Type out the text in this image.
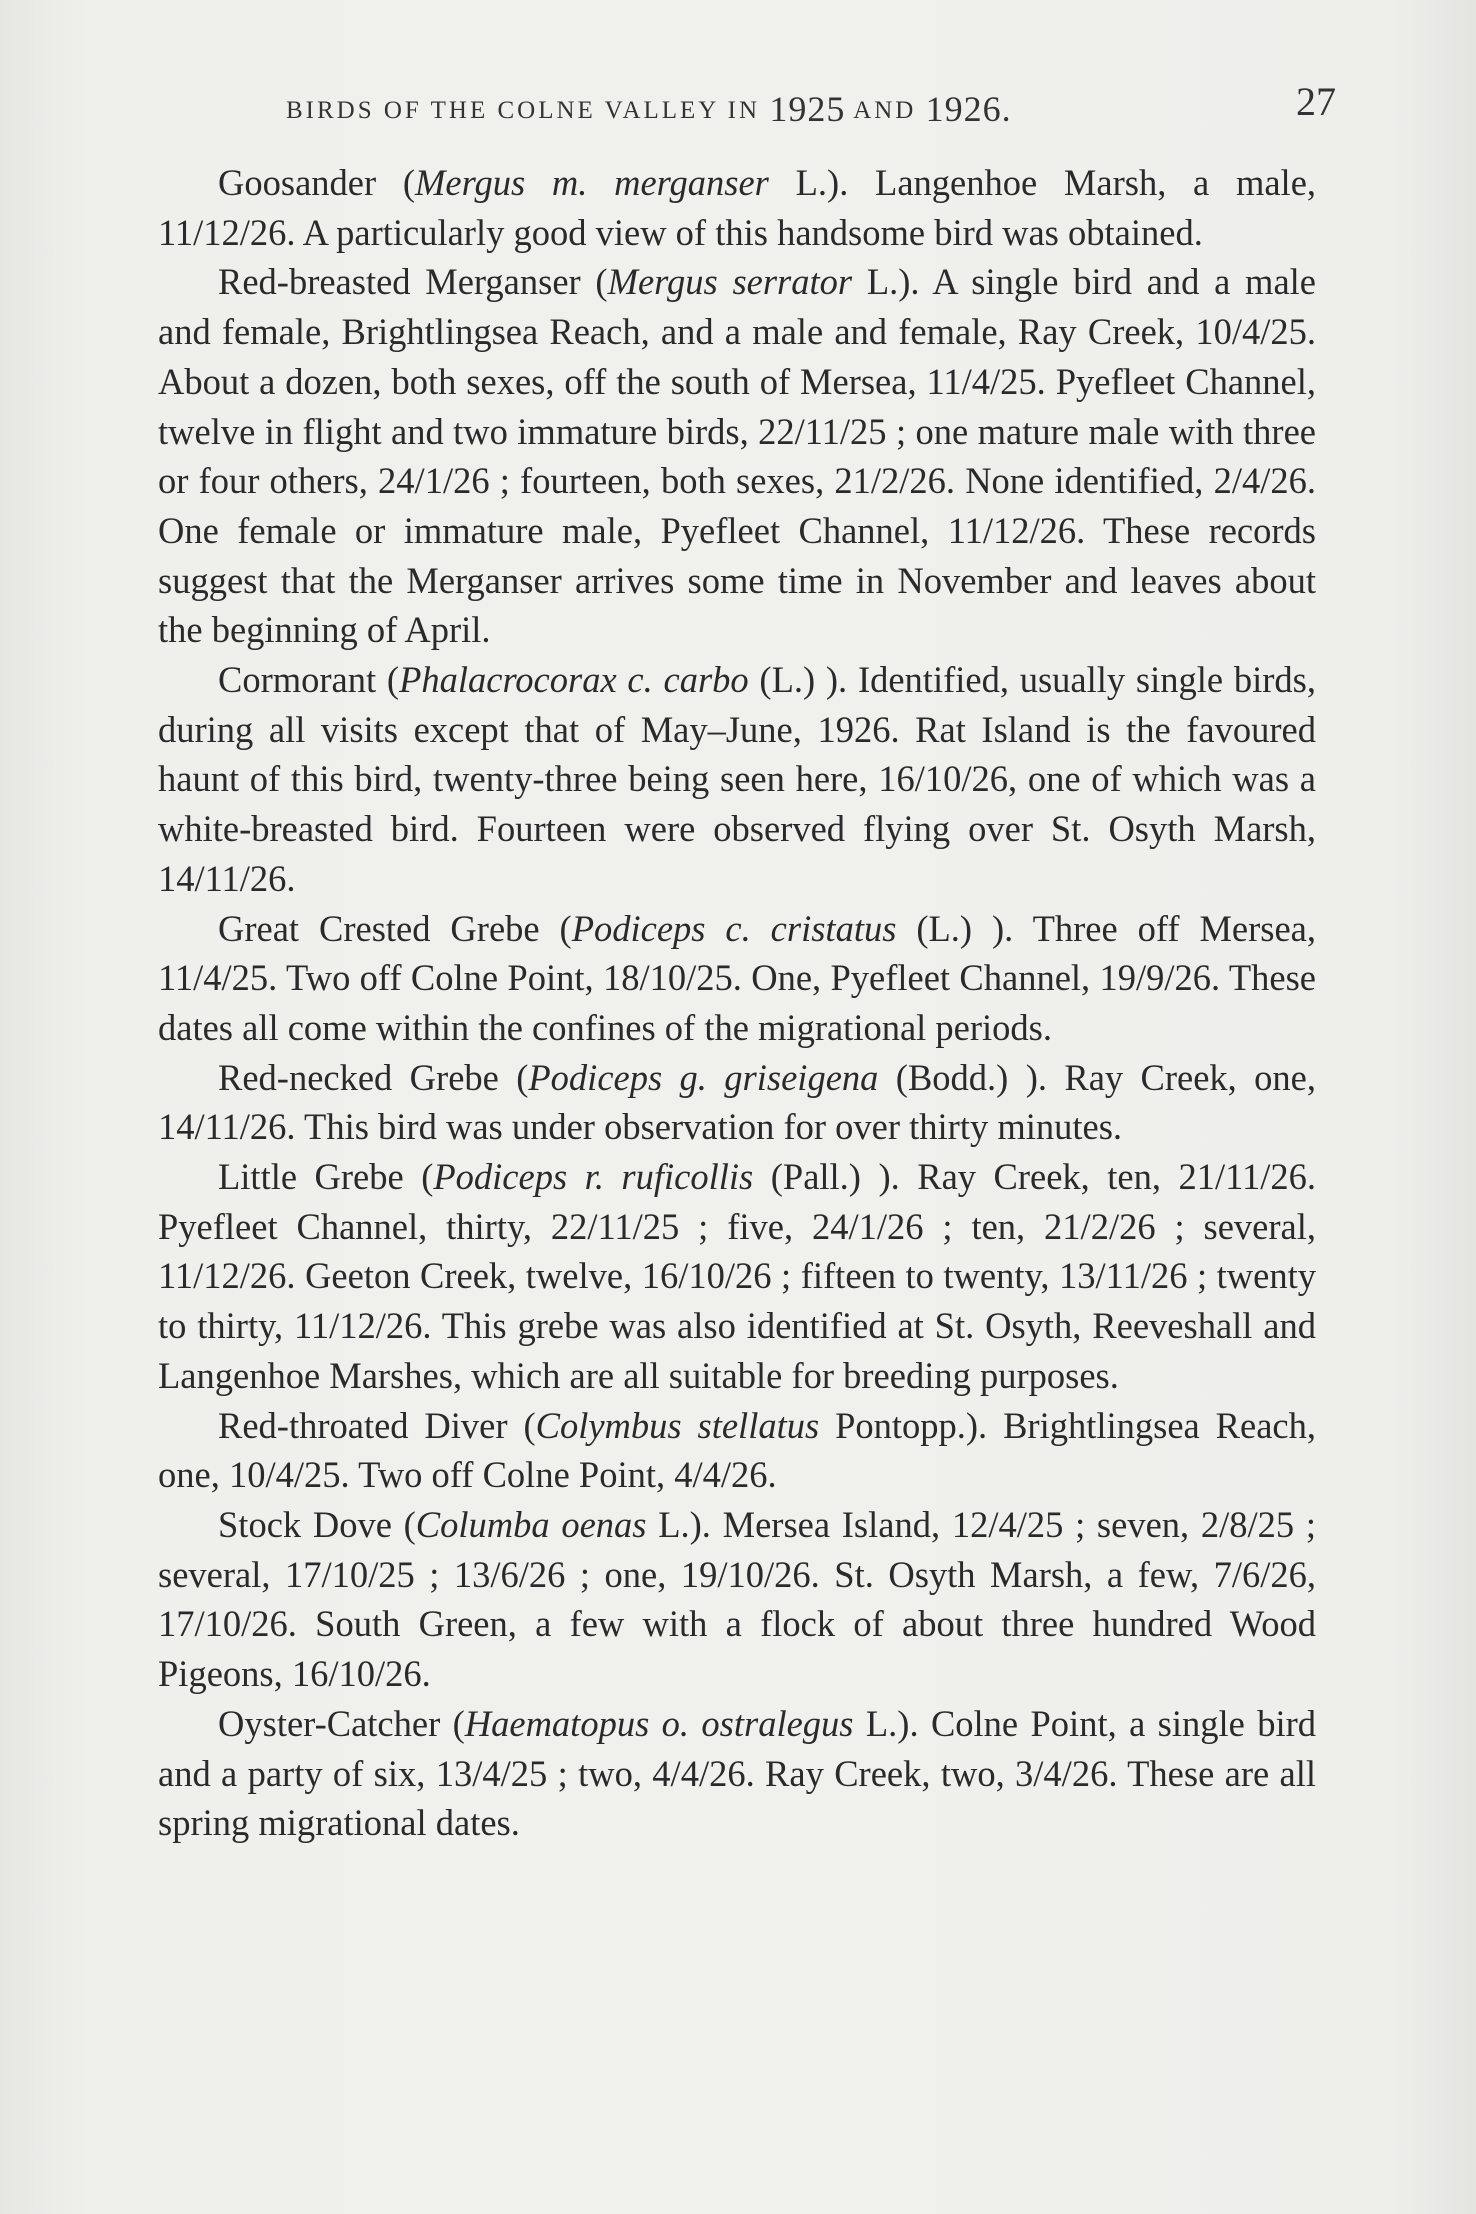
BIRDS OF THE COLNE VALLEY IN 1925 AND 1926.	27

Goosander (Mergus m. merganser L.). Langenhoe Marsh, a male, 11/12/26. A particularly good view of this handsome bird was obtained.

Red-breasted Merganser (Mergus serrator L.). A single bird and a male and female, Brightlingsea Reach, and a male and female, Ray Creek, 10/4/25. About a dozen, both sexes, off the south of Mersea, 11/4/25. Pyefleet Channel, twelve in flight and two immature birds, 22/11/25 ; one mature male with three or four others, 24/1/26 ; fourteen, both sexes, 21/2/26. None identified, 2/4/26. One female or immature male, Pyefleet Channel, 11/12/26. These records suggest that the Merganser arrives some time in November and leaves about the beginning of April.

Cormorant (Phalacrocorax c. carbo (L.) ). Identified, usually single birds, during all visits except that of May–June, 1926. Rat Island is the favoured haunt of this bird, twenty-three being seen here, 16/10/26, one of which was a white-breasted bird. Fourteen were observed flying over St. Osyth Marsh, 14/11/26.

Great Crested Grebe (Podiceps c. cristatus (L.) ). Three off Mersea, 11/4/25. Two off Colne Point, 18/10/25. One, Pyefleet Channel, 19/9/26. These dates all come within the confines of the migrational periods.

Red-necked Grebe (Podiceps g. griseigena (Bodd.) ). Ray Creek, one, 14/11/26. This bird was under observation for over thirty minutes.

Little Grebe (Podiceps r. ruficollis (Pall.) ). Ray Creek, ten, 21/11/26. Pyefleet Channel, thirty, 22/11/25 ; five, 24/1/26 ; ten, 21/2/26 ; several, 11/12/26. Geeton Creek, twelve, 16/10/26 ; fifteen to twenty, 13/11/26 ; twenty to thirty, 11/12/26. This grebe was also identified at St. Osyth, Reeveshall and Langenhoe Marshes, which are all suitable for breeding purposes.

Red-throated Diver (Colymbus stellatus Pontopp.). Brightlingsea Reach, one, 10/4/25. Two off Colne Point, 4/4/26.

Stock Dove (Columba oenas L.). Mersea Island, 12/4/25 ; seven, 2/8/25 ; several, 17/10/25 ; 13/6/26 ; one, 19/10/26. St. Osyth Marsh, a few, 7/6/26, 17/10/26. South Green, a few with a flock of about three hundred Wood Pigeons, 16/10/26.

Oyster-Catcher (Haematopus o. ostralegus L.). Colne Point, a single bird and a party of six, 13/4/25 ; two, 4/4/26. Ray Creek, two, 3/4/26. These are all spring migrational dates.
